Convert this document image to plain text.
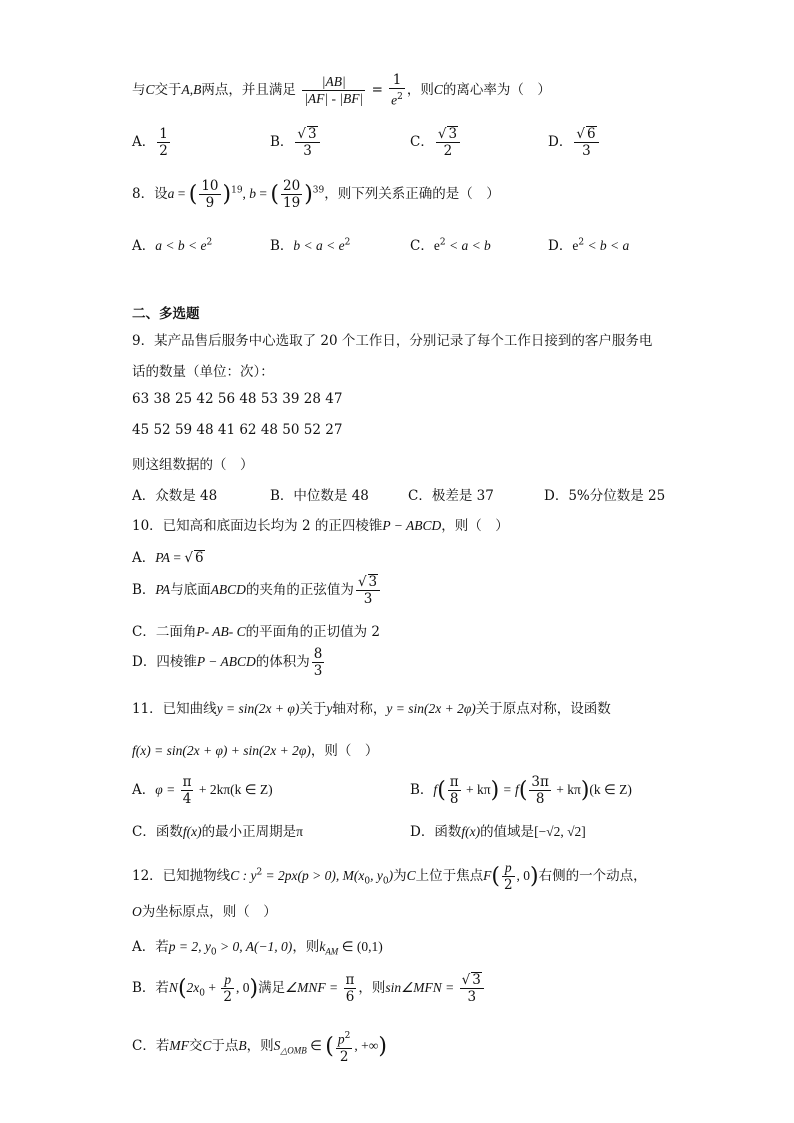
与C交于A,B两点，并且满足 $\frac{|AB|}{|AF| - |BF|} = \frac{1}{e^2}$ ，则C的离心率为（　）
A． $\frac{1}{2}$	B． $\frac{√ 3}{3}$	C． $\frac{√ 3}{2}$	D． $\frac{√ 6}{3}$
8．设a = ( $\frac{10}{9} )^{19}$, b = ( $\frac{20}{19} )^{39}$，则下列关系正确的是（　）
A．$a < b < e^2$	B．$b < a < e^2$	C．$e^2 < a < b$	D．$e^2 < b < a$
二、多选题
9．某产品售后服务中心选取了 20 个工作日，分别记录了每个工作日接到的客户服务电
话的数量（单位：次）：
63 38 25 42 56 48 53 39 28 47
45 52 59 48 41 62 48 50 52 27
则这组数据的（　）
A．众数是 48	B．中位数是 48	C．极差是 37	D．5%分位数是 25
10．已知高和底面边长均为 2 的正四棱锥P − ABCD，则（　）
A．PA = √ 6
B．PA与底面ABCD的夹角的正弦值为 $\frac{√ 3}{3}$
C．二面角P- AB- C的平面角的正切值为 2
D．四棱锥P − ABCD的体积为 $\frac{8}{3}$
11．已知曲线y = sin(2x + φ)关于y轴对称，y = sin(2x + 2φ)关于原点对称，设函数
f(x) = sin(2x + φ) + sin(2x + 2φ)，则（　）
A．$\varphi = \frac{\pi}{4} + 2k\pi(k$ ∈ Z)	B．$f( \frac{\pi}{8} + k\pi) = f( \frac{3\pi}{8} + k\pi)(k$ ∈ Z)
C．函数f(x)的最小正周期是π	D．函数f(x)的值域是[−√2, √2]
12．已知抛物线C : $y^2 = 2px(p > 0)$, $M(x_0$, $y_0$)为C上位于焦点$F( \frac{p}{2}$ , 0)右侧的一个动点，
O为坐标原点，则（　）
A．若p = 2, $y_0 > 0$, A(−1, 0)，则$k_{AM}$ ∈ (0,1)
B．若$N(2x_0 + \frac{p}{2}$ , 0)满足∠MNF = $\frac{\pi}{6}$ ，则sin∠MFN = $\frac{√ 3}{3}$
C．若MF交C于点B，则$S_{\triangle OMB}$ ∈ ( $\frac{p^2}{2}$ , +∞)
